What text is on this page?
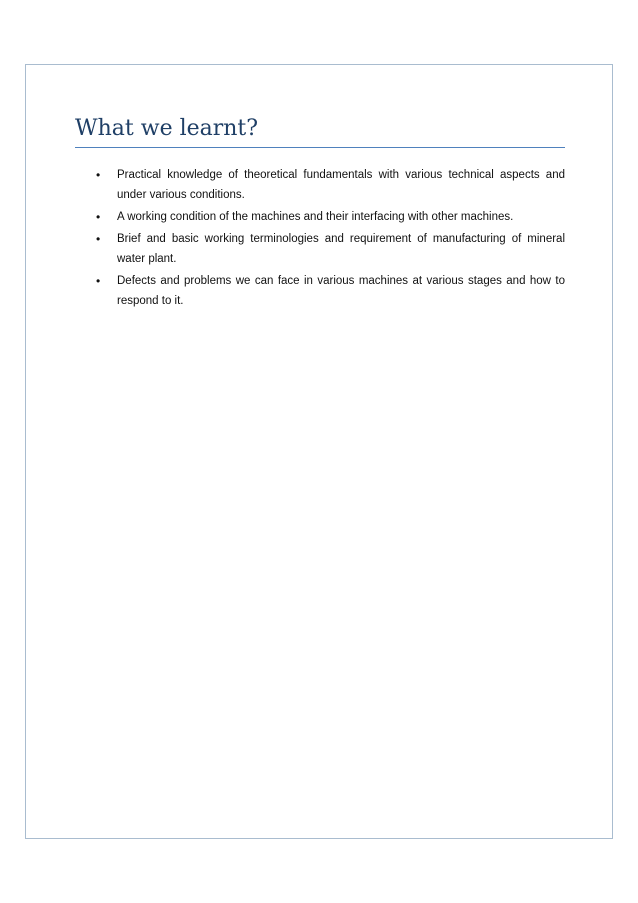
What we learnt?
• Practical knowledge of theoretical fundamentals with various technical aspects and under various conditions.
• A working condition of the machines and their interfacing with other machines.
• Brief and basic working terminologies and requirement of manufacturing of mineral water plant.
• Defects and problems we can face in various machines at various stages and how to respond to it.
